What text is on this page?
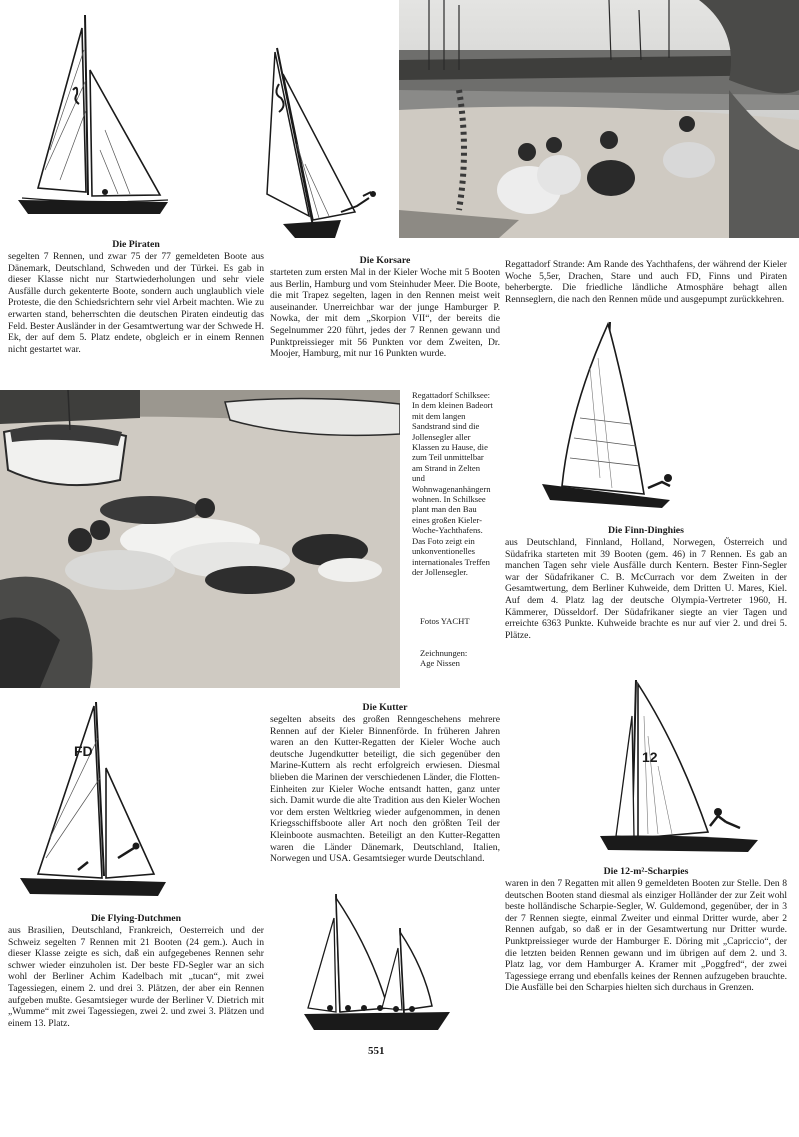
Die Piraten
segelten 7 Rennen, und zwar 75 der 77 gemeldeten Boote aus Dänemark, Deutschland, Schweden und der Türkei. Es gab in dieser Klasse nicht nur Startwiederholungen und sehr viele Ausfälle durch gekenterte Boote, sondern auch unglaublich viele Proteste, die den Schiedsrichtern sehr viel Arbeit machten. Wie zu erwarten stand, beherrschten die deutschen Piraten eindeutig das Feld. Bester Ausländer in der Gesamtwertung war der Schwede H. Ek, der auf dem 5. Platz endete, obgleich er in einem Rennen nicht gestartet war.
Die Korsare
starteten zum ersten Mal in der Kieler Woche mit 5 Booten aus Berlin, Hamburg und vom Steinhuder Meer. Die Boote, die mit Trapez segelten, lagen in den Rennen meist weit auseinander. Unerreichbar war der junge Hamburger P. Nowka, der mit dem „Skorpion VII“, der bereits die Segelnummer 220 führt, jedes der 7 Rennen gewann und Punktpreissieger mit 56 Punkten vor dem Zweiten, Dr. Moojer, Hamburg, mit nur 16 Punkten wurde.
Regattadorf Strande: Am Rande des Yachthafens, der während der Kieler Woche 5,5er, Drachen, Stare und auch FD, Finns und Piraten beherbergte. Die friedliche ländliche Atmosphäre behagt allen Rennseglern, die nach den Rennen müde und ausgepumpt zurückkehren.

Regattadorf Schilksee: In dem kleinen Badeort mit dem langen Sandstrand sind die Jollensegler aller Klassen zu Hause, die zum Teil unmittelbar am Strand in Zelten und Wohnwagenanhängern wohnen. In Schilksee plant man den Bau eines großen Kieler-Woche-Yachthafens.

Das Foto zeigt ein unkonventionelles internationales Treffen der Jollensegler.

Fotos YACHT
Zeichnungen:
Age Nissen
Die Finn-Dinghies
aus Deutschland, Finnland, Holland, Norwegen, Österreich und Südafrika starteten mit 39 Booten (gem. 46) in 7 Rennen. Es gab an manchen Tagen sehr viele Ausfälle durch Kentern. Bester Finn-Segler war der Südafrikaner C. B. McCurrach vor dem Zweiten in der Gesamtwertung, dem Berliner Kuhweide, dem Dritten U. Mares, Kiel. Auf dem 4. Platz lag der deutsche Olympia-Vertreter 1960, H. Kämmerer, Düsseldorf. Der Südafrikaner siegte an vier Tagen und erreichte 6363 Punkte. Kuhweide brachte es nur auf vier 2. und drei 5. Plätze.
Die Kutter
segelten abseits des großen Renngeschehens mehrere Rennen auf der Kieler Binnenförde. In früheren Jahren waren an den Kutter-Regatten der Kieler Woche auch deutsche Jugendkutter beteiligt, die sich gegenüber den Marine-Kuttern als recht erfolgreich erwiesen. Diesmal blieben die Marinen der verschiedenen Länder, die Flotten-Einheiten zur Kieler Woche entsandt hatten, ganz unter sich. Damit wurde die alte Tradition aus den Kieler Wochen vor dem ersten Weltkrieg wieder aufgenommen, in denen Kriegsschiffsboote aller Art noch den größten Teil der Kleinboote ausmachten. Beteiligt an den Kutter-Regatten waren die Länder Dänemark, Deutschland, Italien, Norwegen und USA. Gesamtsieger wurde Deutschland.
FD
Die Flying-Dutchmen
aus Brasilien, Deutschland, Frankreich, Oesterreich und der Schweiz segelten 7 Rennen mit 21 Booten (24 gem.). Auch in dieser Klasse zeigte es sich, daß ein aufgegebenes Rennen sehr schwer wieder einzuholen ist. Der beste FD-Segler war an sich wohl der Berliner Achim Kadelbach mit „tucan“, mit zwei Tagessiegen, einem 2. und drei 3. Plätzen, der aber ein Rennen aufgeben mußte. Gesamtsieger wurde der Berliner V. Dietrich mit „Wumme“ mit zwei Tagessiegen, zwei 2. und zwei 3. Plätzen und einem 13. Platz.
12
Die 12-m²-Scharpies
waren in den 7 Regatten mit allen 9 gemeldeten Booten zur Stelle. Den 8 deutschen Booten stand diesmal als einziger Holländer der zur Zeit wohl beste holländische Scharpie-Segler, W. Guldemond, gegenüber, der in 3 der 7 Rennen siegte, einmal Zweiter und einmal Dritter wurde, aber 2 Rennen aufgab, so daß er in der Gesamtwertung nur Dritter wurde. Punktpreissieger wurde der Hamburger E. Döring mit „Capriccio“, der die letzten beiden Rennen gewann und im übrigen auf dem 2. und 3. Platz lag, vor dem Hamburger A. Kramer mit „Poggfred“, der zwei Tagessiege errang und ebenfalls keines der Rennen aufzugeben brauchte. Die Ausfälle bei den Scharpies hielten sich durchaus in Grenzen.
551
